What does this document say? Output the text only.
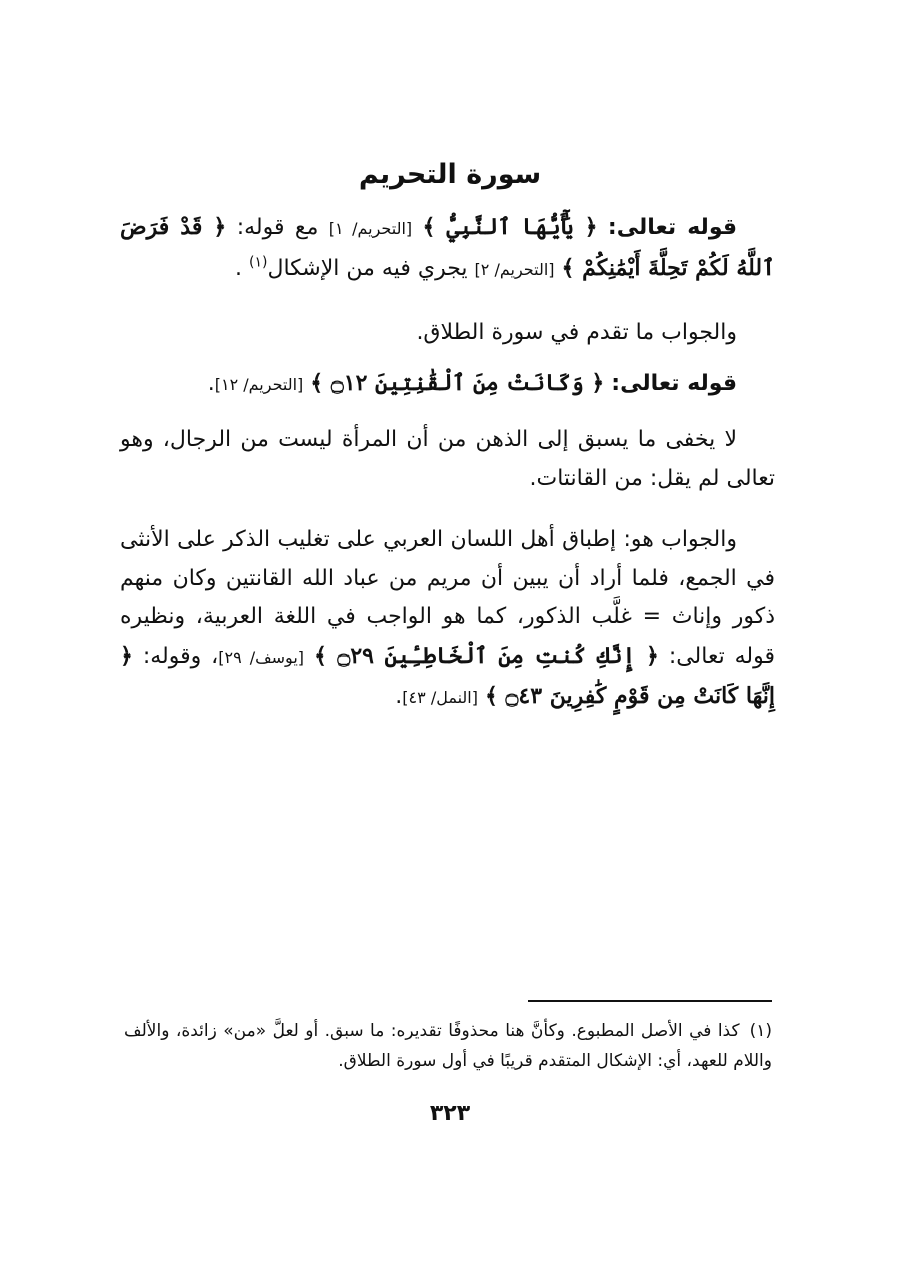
سورة التحريم
قوله تعالى: ﴿ يَٰٓأَيُّهَا ٱلنَّبِيُّ ﴾ [التحريم/ ١] مع قوله: ﴿ قَدْ فَرَضَ ٱللَّهُ لَكُمْ تَحِلَّةَ أَيْمَٰنِكُمْ ﴾ [التحريم/ ٢] يجري فيه من الإشكال$^{(١)}$ .
والجواب ما تقدم في سورة الطلاق.
قوله تعالى: ﴿ وَكَانَتْ مِنَ ٱلْقَٰنِتِينَ ۝١٢ ﴾ [التحريم/ ١٢].
لا يخفى ما يسبق إلى الذهن من أن المرأة ليست من الرجال، وهو تعالى لم يقل: من القانتات.
والجواب هو: إطباق أهل اللسان العربي على تغليب الذكر على الأنثى في الجمع، فلما أراد أن يبين أن مريم من عباد الله القانتين وكان منهم ذكور وإناث = غلَّب الذكور، كما هو الواجب في اللغة العربية، ونظيره قوله تعالى: ﴿ إِنَّكِ كُنتِ مِنَ ٱلْخَاطِـِٔينَ ۝٢٩ ﴾ [يوسف/ ٢٩]، وقوله: ﴿ إِنَّهَا كَانَتْ مِن قَوْمٍ كَٰفِرِينَ ۝٤٣ ﴾ [النمل/ ٤٣].
(١)كذا في الأصل المطبوع. وكأنَّ هنا محذوفًا تقديره: ما سبق. أو لعلَّ «من» زائدة، والألف واللام للعهد، أي: الإشكال المتقدم قريبًا في أول سورة الطلاق.
٣٢٣
